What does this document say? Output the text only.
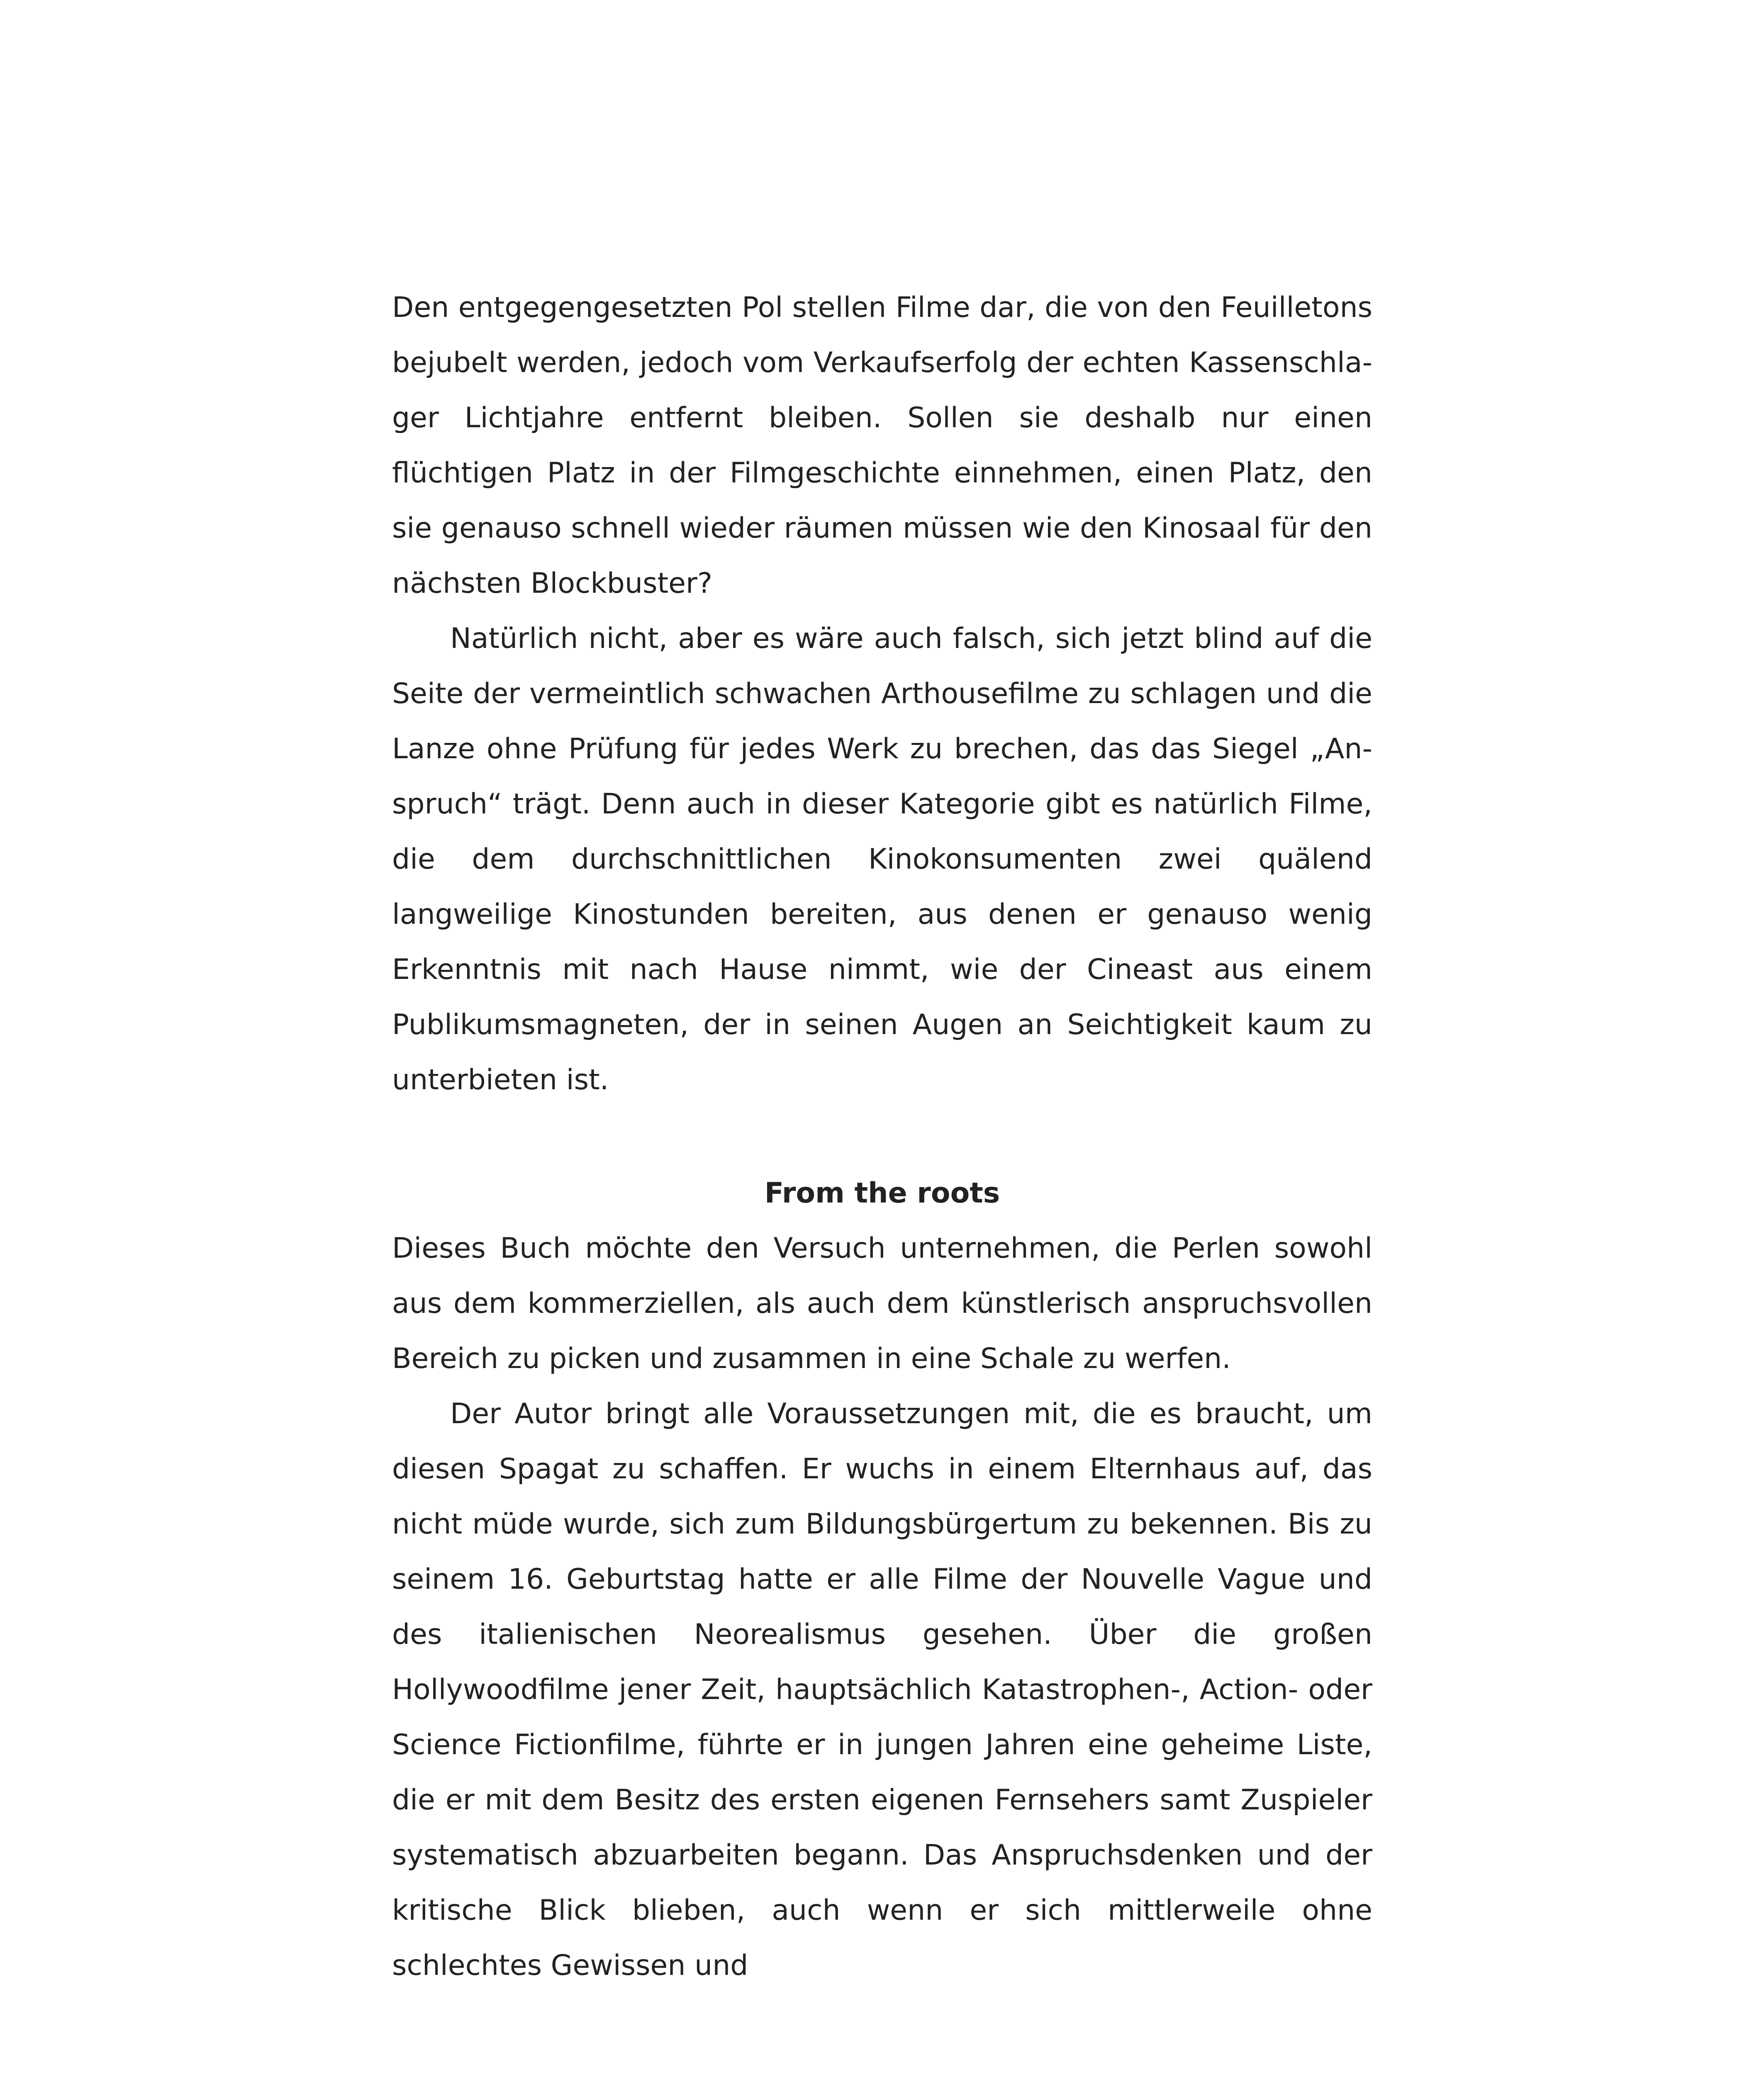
Den entgegengesetzten Pol stellen Filme dar, die von den Feuilletons bejubelt werden, jedoch vom Verkaufserfolg der echten Kassenschlager Lichtjahre entfernt bleiben. Sollen sie deshalb nur einen flüchtigen Platz in der Filmgeschichte einnehmen, einen Platz, den sie genauso schnell wieder räumen müssen wie den Kinosaal für den nächsten Blockbuster?

Natürlich nicht, aber es wäre auch falsch, sich jetzt blind auf die Seite der vermeintlich schwachen Arthousefilme zu schlagen und die Lanze ohne Prüfung für jedes Werk zu brechen, das das Siegel „Anspruch“ trägt. Denn auch in dieser Kategorie gibt es natürlich Filme, die dem durchschnittlichen Kinokonsumenten zwei quälend langweilige Kinostunden bereiten, aus denen er genauso wenig Erkenntnis mit nach Hause nimmt, wie der Cineast aus einem Publikumsmagneten, der in seinen Augen an Seichtigkeit kaum zu unterbieten ist.

From the roots

Dieses Buch möchte den Versuch unternehmen, die Perlen sowohl aus dem kommerziellen, als auch dem künstlerisch anspruchsvollen Bereich zu picken und zusammen in eine Schale zu werfen.

Der Autor bringt alle Voraussetzungen mit, die es braucht, um diesen Spagat zu schaffen. Er wuchs in einem Elternhaus auf, das nicht müde wurde, sich zum Bildungsbürgertum zu bekennen. Bis zu seinem 16. Geburtstag hatte er alle Filme der Nouvelle Vague und des italienischen Neorealismus gesehen. Über die großen Hollywoodfilme jener Zeit, hauptsächlich Katastrophen-, Action- oder Science Fictionfilme, führte er in jungen Jahren eine geheime Liste, die er mit dem Besitz des ersten eigenen Fernsehers samt Zuspieler systematisch abzuarbeiten begann. Das Anspruchsdenken und der kritische Blick blieben, auch wenn er sich mittlerweile ohne schlechtes Gewissen und
